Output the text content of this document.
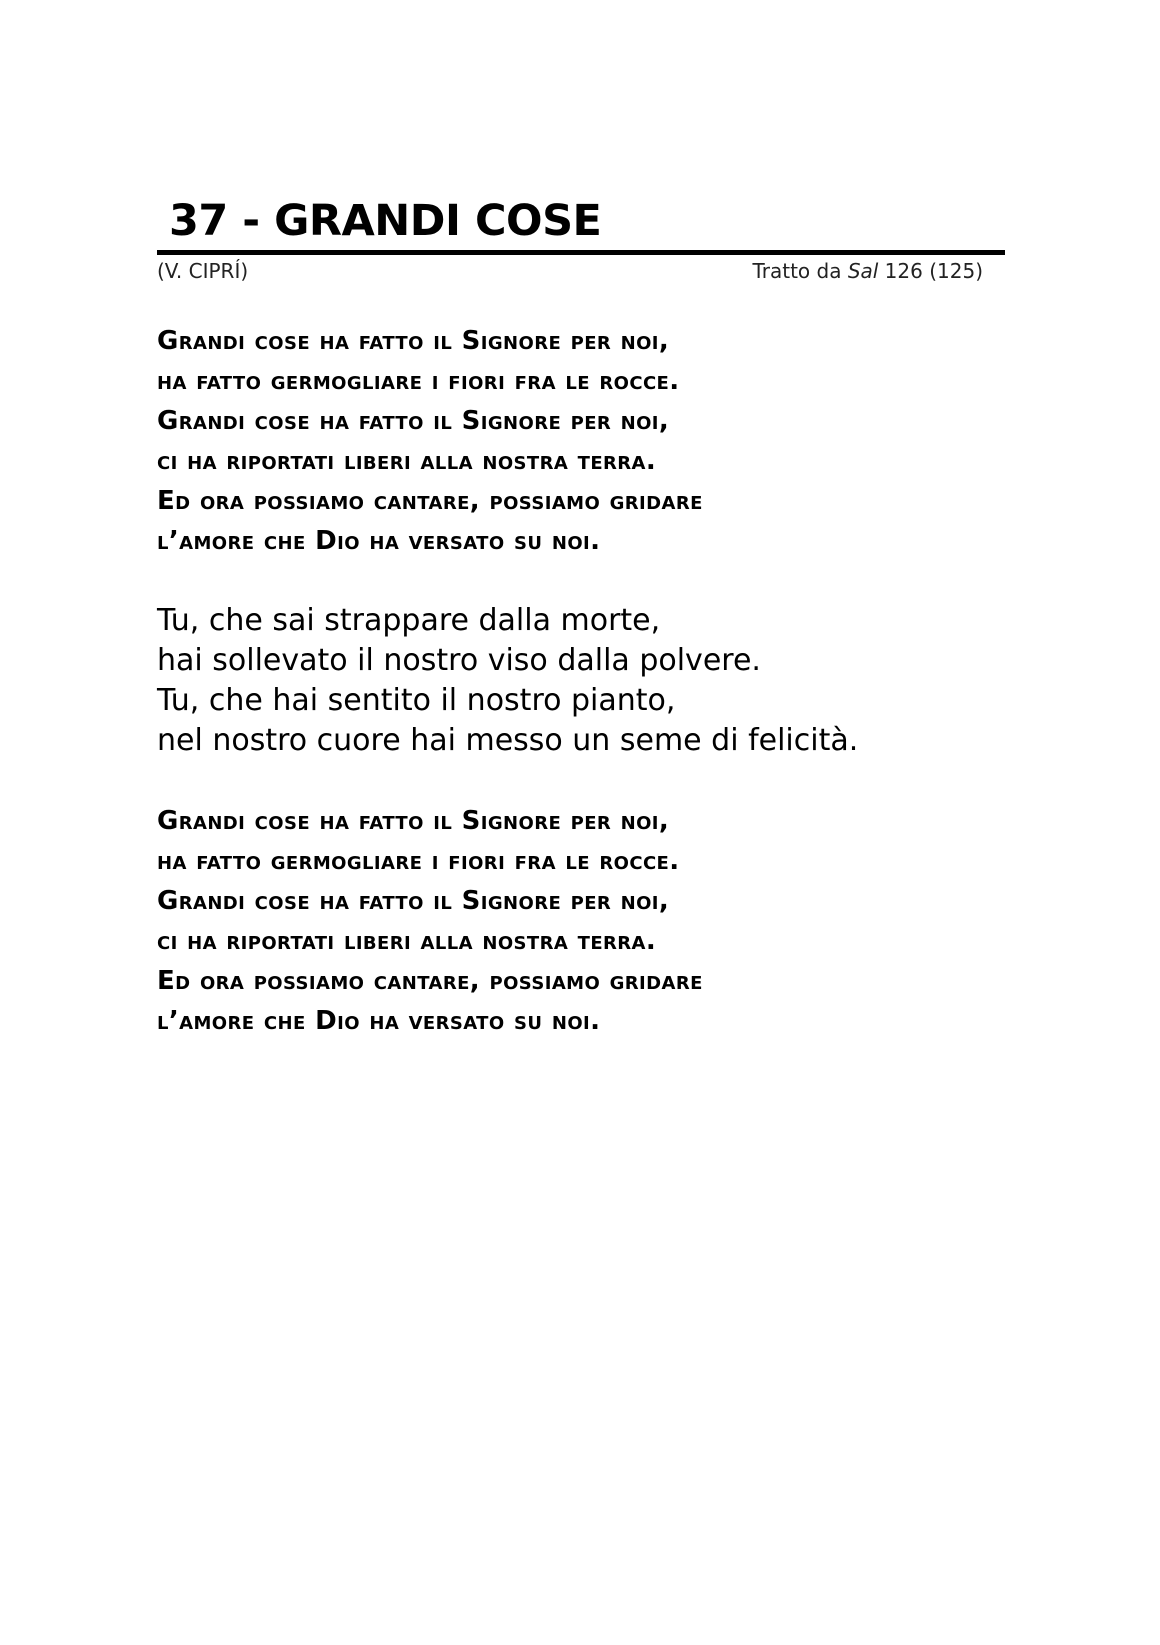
37 - GRANDI COSE
(V. CIPRÍ)	Tratto da Sal 126 (125)
Grandi cose ha fatto il Signore per noi,
ha fatto germogliare i fiori fra le rocce.
Grandi cose ha fatto il Signore per noi,
ci ha riportati liberi alla nostra terra.
Ed ora possiamo cantare, possiamo gridare
l’amore che Dio ha versato su noi.
Tu, che sai strappare dalla morte,
hai sollevato il nostro viso dalla polvere.
Tu, che hai sentito il nostro pianto,
nel nostro cuore hai messo un seme di felicità.
Grandi cose ha fatto il Signore per noi,
ha fatto germogliare i fiori fra le rocce.
Grandi cose ha fatto il Signore per noi,
ci ha riportati liberi alla nostra terra.
Ed ora possiamo cantare, possiamo gridare
l’amore che Dio ha versato su noi.
